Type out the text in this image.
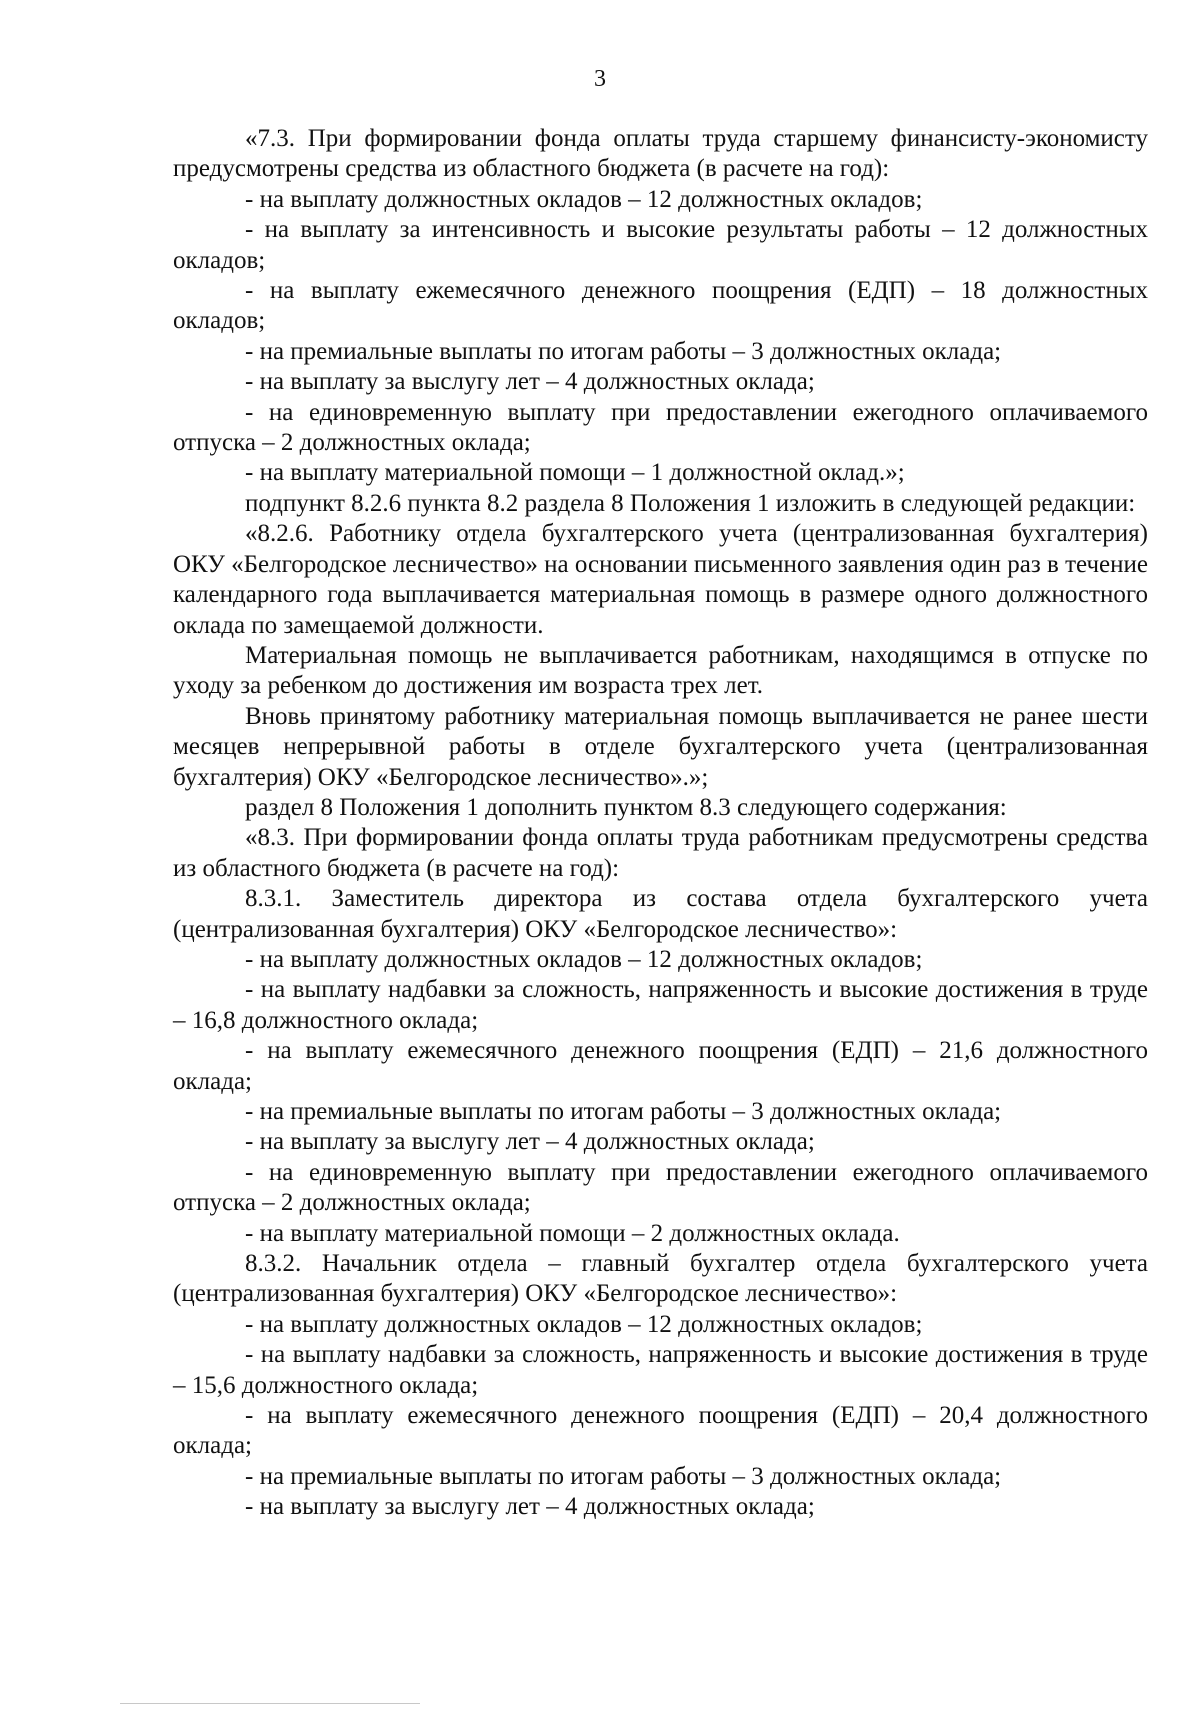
3

«7.3. При формировании фонда оплаты труда старшему финансисту-экономисту предусмотрены средства из областного бюджета (в расчете на год):

- на выплату должностных окладов – 12 должностных окладов;

- на выплату за интенсивность и высокие результаты работы – 12 должностных окладов;

- на выплату ежемесячного денежного поощрения (ЕДП) – 18 должностных окладов;

- на премиальные выплаты по итогам работы – 3 должностных оклада;

- на выплату за выслугу лет – 4 должностных оклада;

- на единовременную выплату при предоставлении ежегодного оплачиваемого отпуска – 2 должностных оклада;

- на выплату материальной помощи – 1 должностной оклад.»;

подпункт 8.2.6 пункта 8.2 раздела 8 Положения 1 изложить в следующей редакции:

«8.2.6. Работнику отдела бухгалтерского учета (централизованная бухгалтерия) ОКУ «Белгородское лесничество» на основании письменного заявления один раз в течение календарного года выплачивается материальная помощь в размере одного должностного оклада по замещаемой должности.

Материальная помощь не выплачивается работникам, находящимся в отпуске по уходу за ребенком до достижения им возраста трех лет.

Вновь принятому работнику материальная помощь выплачивается не ранее шести месяцев непрерывной работы в отделе бухгалтерского учета (централизованная бухгалтерия) ОКУ «Белгородское лесничество».»;

раздел 8 Положения 1 дополнить пунктом 8.3 следующего содержания:

«8.3. При формировании фонда оплаты труда работникам предусмотрены средства из областного бюджета (в расчете на год):

8.3.1. Заместитель директора из состава отдела бухгалтерского учета (централизованная бухгалтерия) ОКУ «Белгородское лесничество»:

- на выплату должностных окладов – 12 должностных окладов;

- на выплату надбавки за сложность, напряженность и высокие достижения в труде – 16,8 должностного оклада;

- на выплату ежемесячного денежного поощрения (ЕДП) – 21,6 должностного оклада;

- на премиальные выплаты по итогам работы – 3 должностных оклада;

- на выплату за выслугу лет – 4 должностных оклада;

- на единовременную выплату при предоставлении ежегодного оплачиваемого отпуска – 2 должностных оклада;

- на выплату материальной помощи – 2 должностных оклада.

8.3.2. Начальник отдела – главный бухгалтер отдела бухгалтерского учета (централизованная бухгалтерия) ОКУ «Белгородское лесничество»:

- на выплату должностных окладов – 12 должностных окладов;

- на выплату надбавки за сложность, напряженность и высокие достижения в труде – 15,6 должностного оклада;

- на выплату ежемесячного денежного поощрения (ЕДП) – 20,4 должностного оклада;

- на премиальные выплаты по итогам работы – 3 должностных оклада;

- на выплату за выслугу лет – 4 должностных оклада;
